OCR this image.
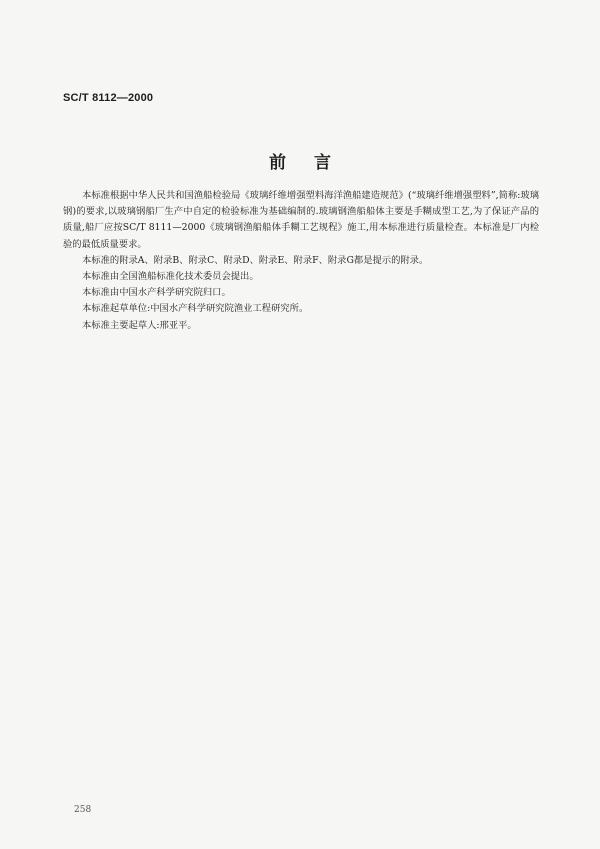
SC/T 8112—2000
前言

本标准根据中华人民共和国渔船检验局《玻璃纤维增强塑料海洋渔船建造规范》(“玻璃纤维增强塑料”,简称:玻璃钢)的要求,以玻璃钢船厂生产中自定的检验标准为基础编制的.玻璃钢渔船船体主要是手糊成型工艺,为了保证产品的质量,船厂应按SC/T 8111—2000《玻璃钢渔船船体手糊工艺规程》施工,用本标准进行质量检查。本标准是厂内检验的最低质量要求。

本标准的附录A、附录B、附录C、附录D、附录E、附录F、附录G都是提示的附录。

本标准由全国渔船标准化技术委员会提出。

本标准由中国水产科学研究院归口。

本标准起草单位:中国水产科学研究院渔业工程研究所。

本标准主要起草人:邢亚平。

258
